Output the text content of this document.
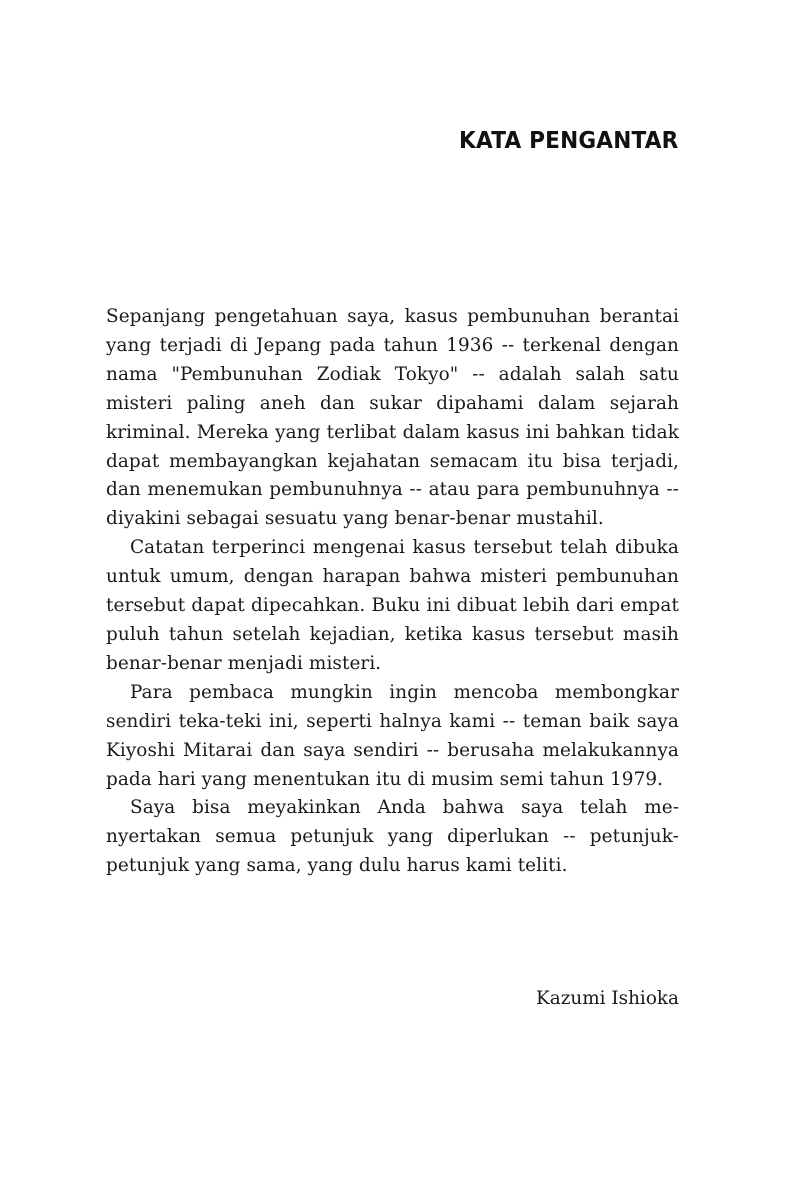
KATA PENGANTAR

Sepanjang pengetahuan saya, kasus pembunuhan berantai yang terjadi di Jepang pada tahun 1936 -- terkenal dengan nama "Pembunuhan Zodiak Tokyo" -- adalah salah satu misteri paling aneh dan sukar dipahami dalam sejarah kriminal. Mereka yang terlibat dalam kasus ini bahkan tidak dapat membayangkan kejahatan semacam itu bisa terjadi, dan menemukan pembunuhnya -- atau para pembunuhnya -- diyakini sebagai sesuatu yang benar-benar mustahil.

Catatan terperinci mengenai kasus tersebut telah dibuka untuk umum, dengan harapan bahwa misteri pembunuhan tersebut dapat dipecahkan. Buku ini dibuat lebih dari empat puluh tahun setelah kejadian, ketika kasus tersebut masih benar-benar menjadi misteri.

Para pembaca mungkin ingin mencoba membongkar sendiri teka-teki ini, seperti halnya kami -- teman baik saya Kiyoshi Mitarai dan saya sendiri -- berusaha melakukannya pada hari yang menentukan itu di musim semi tahun 1979.

Saya bisa meyakinkan Anda bahwa saya telah menyertakan semua petunjuk yang diperlukan -- petunjuk-petunjuk yang sama, yang dulu harus kami teliti.

Kazumi Ishioka
